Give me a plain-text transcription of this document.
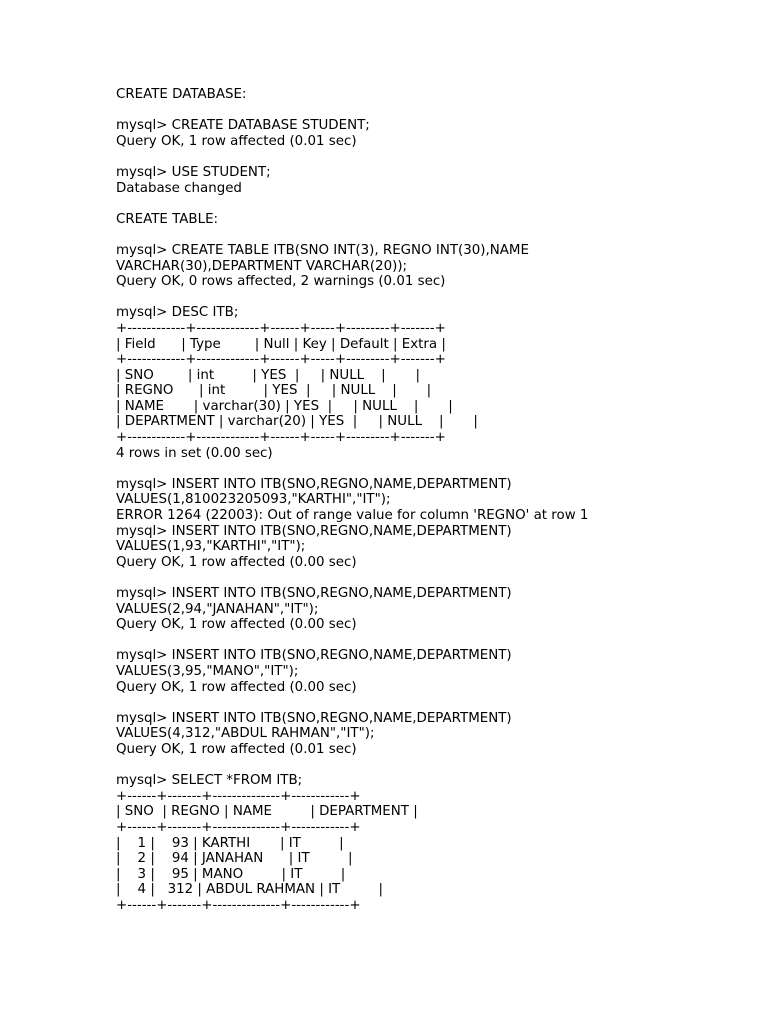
CREATE DATABASE:
mysql> CREATE DATABASE STUDENT;
Query OK, 1 row affected (0.01 sec)
mysql> USE STUDENT;
Database changed
CREATE TABLE:
mysql> CREATE TABLE ITB(SNO INT(3), REGNO INT(30),NAME
VARCHAR(30),DEPARTMENT VARCHAR(20));
Query OK, 0 rows affected, 2 warnings (0.01 sec)
mysql> DESC ITB;
+------------+-------------+------+-----+---------+-------+
| Field      | Type        | Null | Key | Default | Extra |
+------------+-------------+------+-----+---------+-------+
| SNO        | int         | YES  |     | NULL    |       |
| REGNO      | int         | YES  |     | NULL    |       |
| NAME       | varchar(30) | YES  |     | NULL    |       |
| DEPARTMENT | varchar(20) | YES  |     | NULL    |       |
+------------+-------------+------+-----+---------+-------+
4 rows in set (0.00 sec)
mysql> INSERT INTO ITB(SNO,REGNO,NAME,DEPARTMENT)
VALUES(1,810023205093,"KARTHI","IT");
ERROR 1264 (22003): Out of range value for column 'REGNO' at row 1
mysql> INSERT INTO ITB(SNO,REGNO,NAME,DEPARTMENT)
VALUES(1,93,"KARTHI","IT");
Query OK, 1 row affected (0.00 sec)
mysql> INSERT INTO ITB(SNO,REGNO,NAME,DEPARTMENT)
VALUES(2,94,"JANAHAN","IT");
Query OK, 1 row affected (0.00 sec)
mysql> INSERT INTO ITB(SNO,REGNO,NAME,DEPARTMENT)
VALUES(3,95,"MANO","IT");
Query OK, 1 row affected (0.00 sec)
mysql> INSERT INTO ITB(SNO,REGNO,NAME,DEPARTMENT)
VALUES(4,312,"ABDUL RAHMAN","IT");
Query OK, 1 row affected (0.01 sec)
mysql> SELECT *FROM ITB;
+------+-------+--------------+------------+
| SNO  | REGNO | NAME         | DEPARTMENT |
+------+-------+--------------+------------+
|    1 |    93 | KARTHI       | IT         |
|    2 |    94 | JANAHAN      | IT         |
|    3 |    95 | MANO         | IT         |
|    4 |   312 | ABDUL RAHMAN | IT         |
+------+-------+--------------+------------+
